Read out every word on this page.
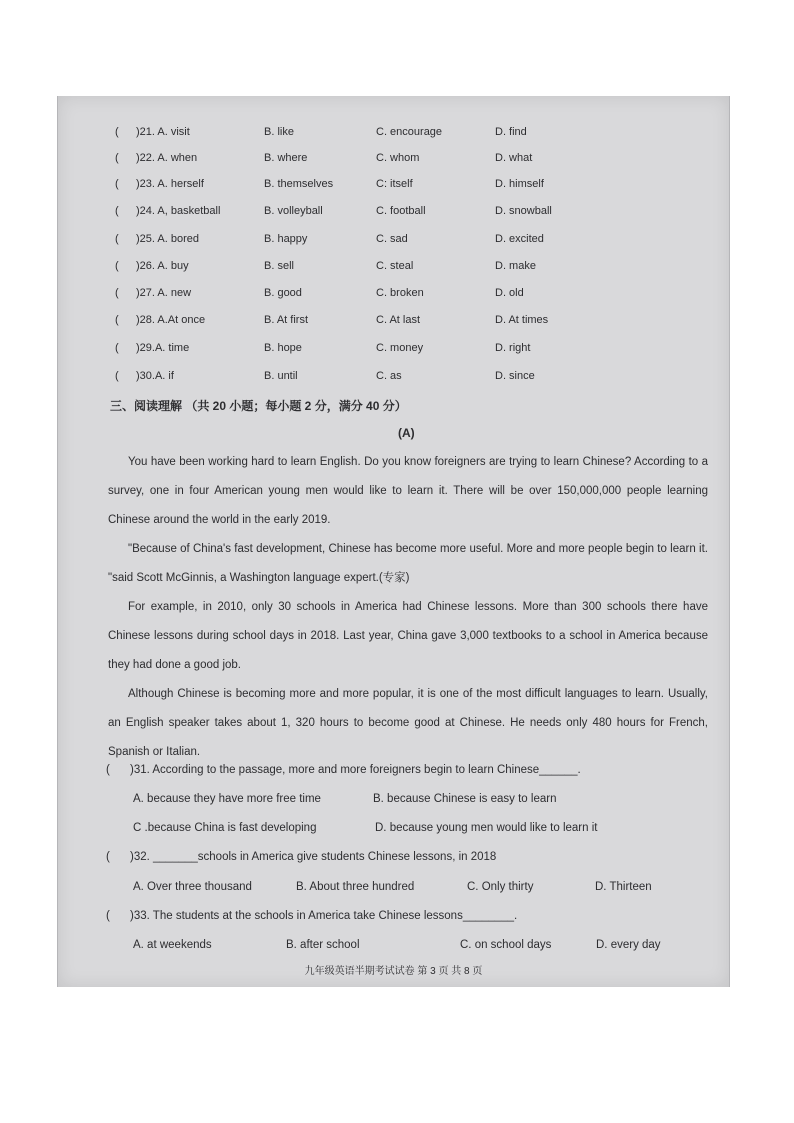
( )21. A. visit	B. like	C. encourage	D. find
( )22. A. when	B. where	C. whom	D. what
( )23. A. herself	B. themselves	C: itself	D. himself
( )24. A, basketball	B. volleyball	C. football	D. snowball
( )25. A. bored	B. happy	C. sad	D. excited
( )26. A. buy	B. sell	C. steal	D. make
( )27. A. new	B. good	C. broken	D. old
( )28. A.At once	B. At first	C. At last	D. At times
( )29.A. time	B. hope	C. money	D. right
( )30.A. if	B. until	C. as	D. since
三、阅读理解 （共 20 小题；每小题 2 分，满分 40 分）
(A)

You have been working hard to learn English. Do you know foreigners are trying to learn Chinese? According to a survey, one in four American young men would like to learn it. There will be over 150,000,000 people learning Chinese around the world in the early 2019.

"Because of China's fast development, Chinese has become more useful. More and more people begin to learn it. "said Scott McGinnis, a Washington language expert.(专家)

For example, in 2010, only 30 schools in America had Chinese lessons. More than 300 schools there have Chinese lessons during school days in 2018. Last year, China gave 3,000 textbooks to a school in America because they had done a good job.

Although Chinese is becoming more and more popular, it is one of the most difficult languages to learn. Usually, an English speaker takes about 1, 320 hours to become good at Chinese. He needs only 480 hours for French, Spanish or Italian.

( )31. According to the passage, more and more foreigners begin to learn Chinese______.
A. because they have more free time	B. because Chinese is easy to learn
C .because China is fast developing	D. because young men would like to learn it
( )32. _______schools in America give students Chinese lessons, in 2018
A. Over three thousand	B. About three hundred	C. Only thirty	D. Thirteen
( )33. The students at the schools in America take Chinese lessons________.
A. at weekends	B. after school	C. on school days	D. every day
九年级英语半期考试试卷 第 3 页 共 8 页
